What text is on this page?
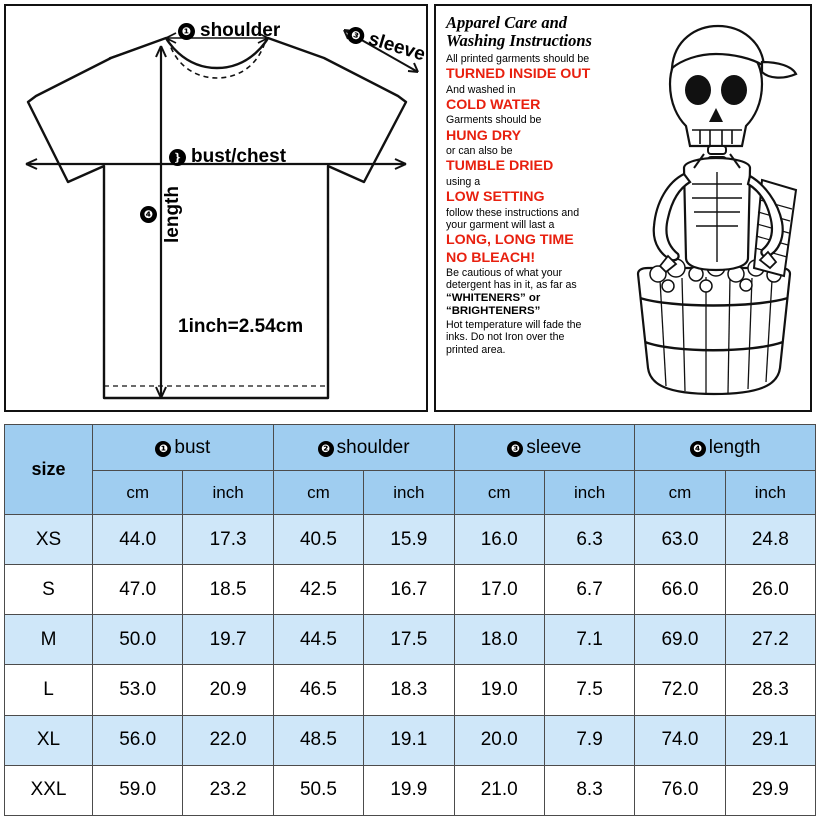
❶ shoulder	❸ sleeve
❵ bust/chest
❹ length
1inch=2.54cm
Apparel Care and
Washing Instructions
All printed garments should be
TURNED INSIDE OUT
And washed in
COLD WATER
Garments should be
HUNG DRY
or can also be
TUMBLE DRIED
using a
LOW SETTING
follow these instructions and
your garment will last a
LONG, LONG TIME
NO BLEACH!
Be cautious of what your
detergent has in it, as far as
“WHITENERS” or
“BRIGHTENERS”
Hot temperature will fade the
inks. Do not Iron over the
printed area.
size	❶ bust		❷ shoulder		❸ sleeve		❹ length	
	cm	inch	cm	inch	cm	inch	cm	inch
XS	44.0	17.3	40.5	15.9	16.0	6.3	63.0	24.8
S	47.0	18.5	42.5	16.7	17.0	6.7	66.0	26.0
M	50.0	19.7	44.5	17.5	18.0	7.1	69.0	27.2
L	53.0	20.9	46.5	18.3	19.0	7.5	72.0	28.3
XL	56.0	22.0	48.5	19.1	20.0	7.9	74.0	29.1
XXL	59.0	23.2	50.5	19.9	21.0	8.3	76.0	29.9
